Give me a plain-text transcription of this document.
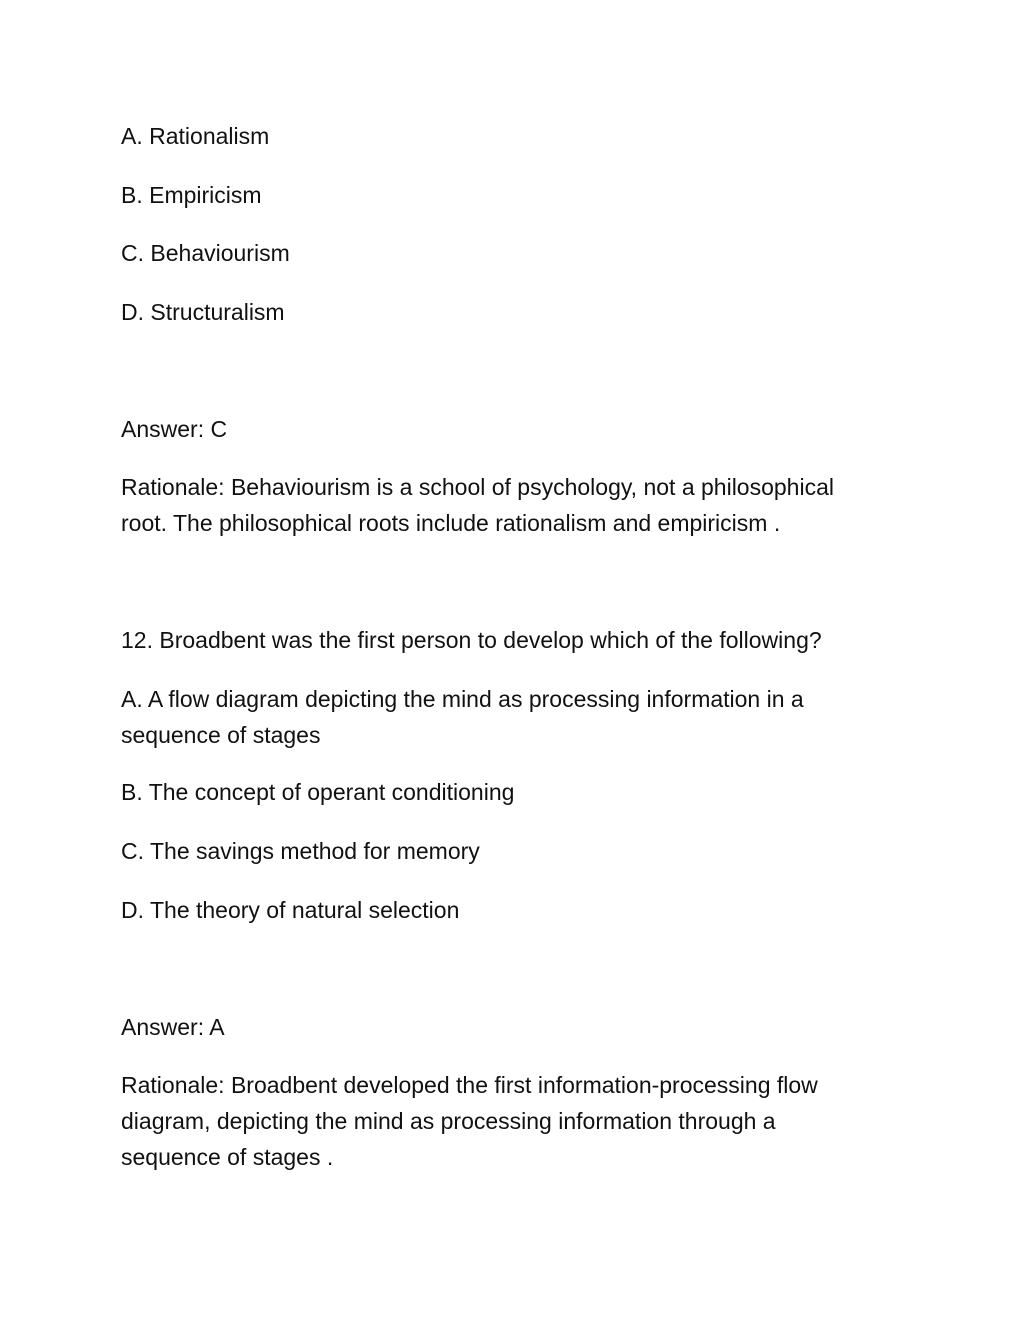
A. Rationalism
B. Empiricism
C. Behaviourism
D. Structuralism
Answer: C
Rationale: Behaviourism is a school of psychology, not a philosophical
root. The philosophical roots include rationalism and empiricism .
12. Broadbent was the first person to develop which of the following?
A. A flow diagram depicting the mind as processing information in a
sequence of stages
B. The concept of operant conditioning
C. The savings method for memory
D. The theory of natural selection
Answer: A
Rationale: Broadbent developed the first information-processing flow
diagram, depicting the mind as processing information through a
sequence of stages .
